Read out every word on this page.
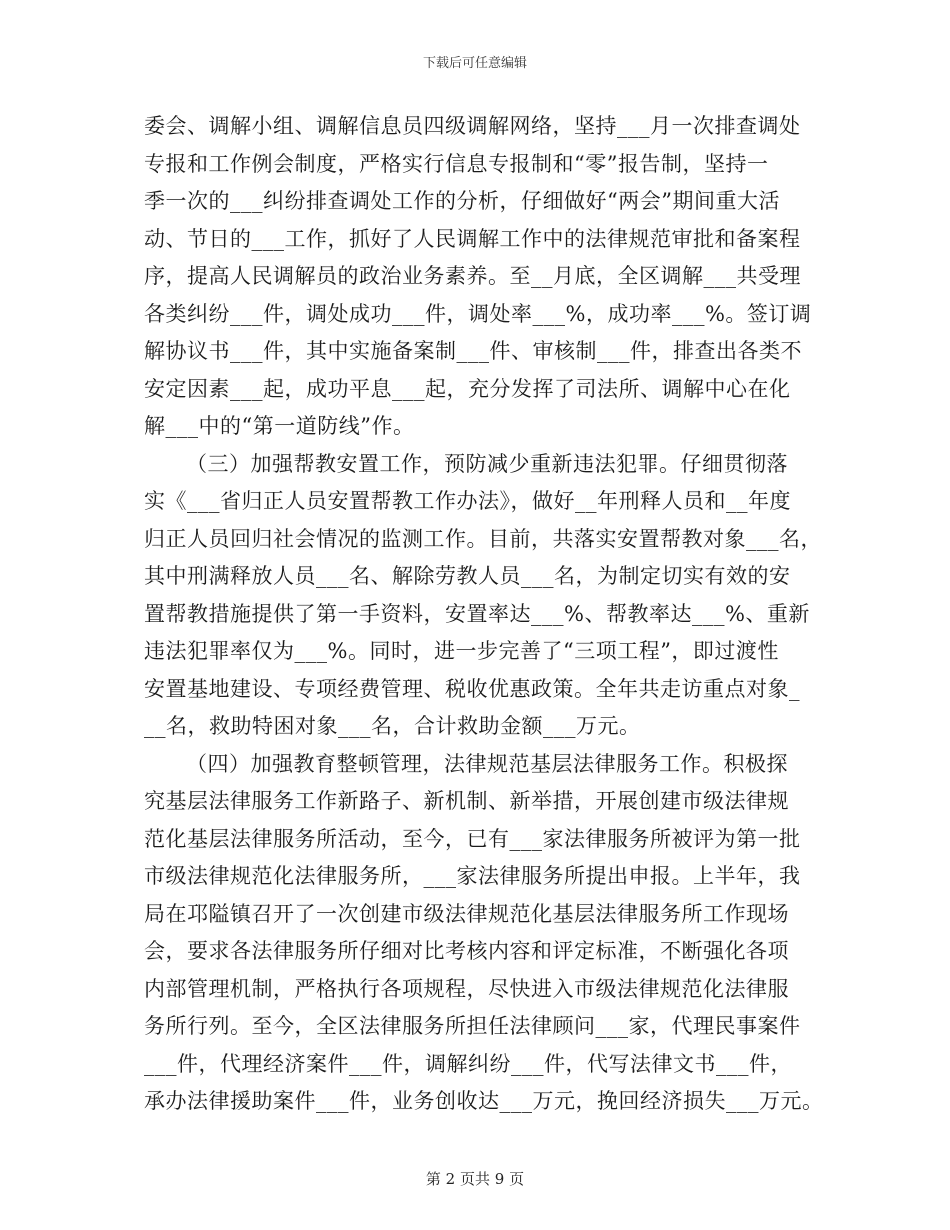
下载后可任意编辑
委会、调解小组、调解信息员四级调解网络，坚持___月一次排查调处
专报和工作例会制度，严格实行信息专报制和“零”报告制，坚持一
季一次的___纠纷排查调处工作的分析，仔细做好“两会”期间重大活
动、节日的___工作，抓好了人民调解工作中的法律规范审批和备案程
序，提高人民调解员的政治业务素养。至__月底，全区调解___共受理
各类纠纷___件，调处成功___件，调处率___%，成功率___%。签订调
解协议书___件，其中实施备案制___件、审核制___件，排查出各类不
安定因素___起，成功平息___起，充分发挥了司法所、调解中心在化
解___中的“第一道防线”作。
（三）加强帮教安置工作，预防减少重新违法犯罪。仔细贯彻落
实《___省归正人员安置帮教工作办法》，做好__年刑释人员和__年度
归正人员回归社会情况的监测工作。目前，共落实安置帮教对象___名，
其中刑满释放人员___名、解除劳教人员___名，为制定切实有效的安
置帮教措施提供了第一手资料，安置率达___%、帮教率达___%、重新
违法犯罪率仅为___%。同时，进一步完善了“三项工程”，即过渡性
安置基地建设、专项经费管理、税收优惠政策。全年共走访重点对象_
__名，救助特困对象___名，合计救助金额___万元。
（四）加强教育整顿管理，法律规范基层法律服务工作。积极探
究基层法律服务工作新路子、新机制、新举措，开展创建市级法律规
范化基层法律服务所活动，至今，已有___家法律服务所被评为第一批
市级法律规范化法律服务所，___家法律服务所提出申报。上半年，我
局在邛隘镇召开了一次创建市级法律规范化基层法律服务所工作现场
会，要求各法律服务所仔细对比考核内容和评定标准，不断强化各项
内部管理机制，严格执行各项规程，尽快进入市级法律规范化法律服
务所行列。至今，全区法律服务所担任法律顾问___家，代理民事案件
___件，代理经济案件___件，调解纠纷___件，代写法律文书___件，
承办法律援助案件___件，业务创收达___万元，挽回经济损失___万元。
第 2 页共 9 页
